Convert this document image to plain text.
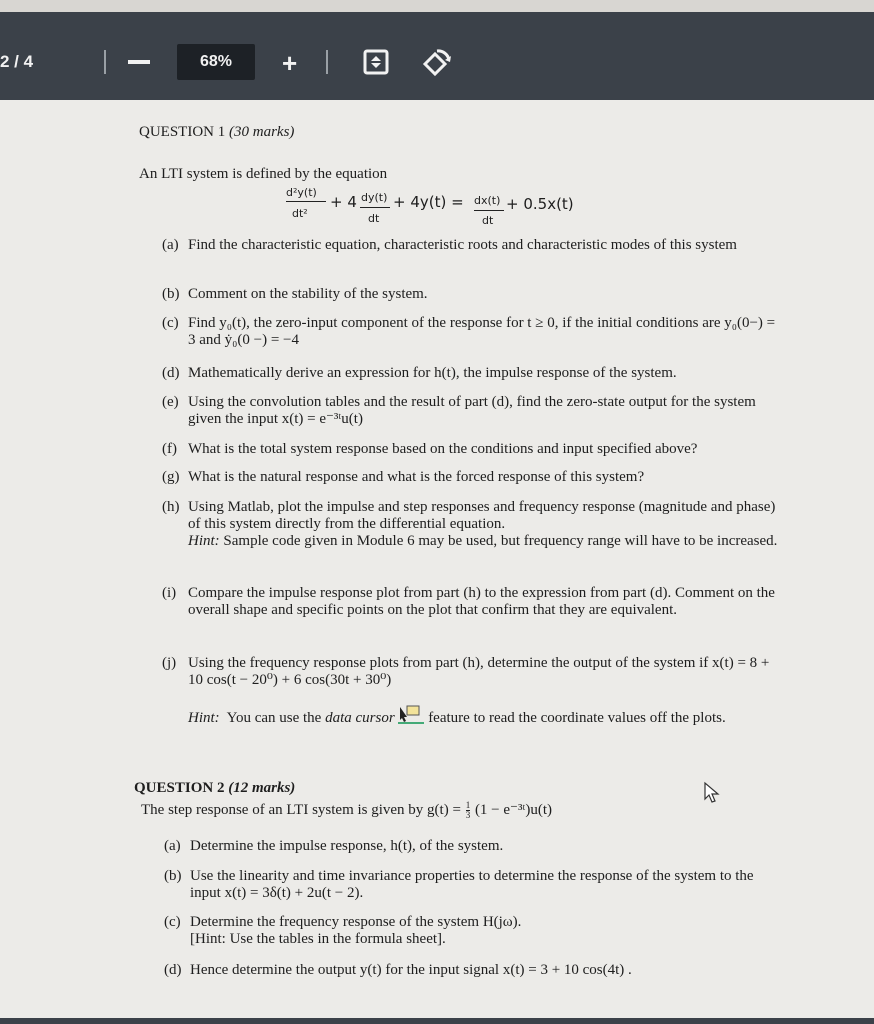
2 / 4	68%	+
QUESTION 1 (30 marks)
An LTI system is defined by the equation
d²y(t)
dt²
+ 4 dy(t)
dt
+ 4y(t) = dx(t)
dt
+ 0.5x(t)
(a) Find the characteristic equation, characteristic roots and characteristic modes of this system
(b) Comment on the stability of the system.
(c) Find y₀(t), the zero-input component of the response for t ≥ 0, if the initial conditions are y₀(0−) = 3 and ẏ₀(0 −) = −4
(d) Mathematically derive an expression for h(t), the impulse response of the system.
(e) Using the convolution tables and the result of part (d), find the zero-state output for the system given the input x(t) = e⁻³ᵗu(t)
(f) What is the total system response based on the conditions and input specified above?
(g) What is the natural response and what is the forced response of this system?
(h) Using Matlab, plot the impulse and step responses and frequency response (magnitude and phase) of this system directly from the differential equation.
Hint: Sample code given in Module 6 may be used, but frequency range will have to be increased.
(i) Compare the impulse response plot from part (h) to the expression from part (d). Comment on the overall shape and specific points on the plot that confirm that they are equivalent.
(j) Using the frequency response plots from part (h), determine the output of the system if x(t) = 8 + 10 cos(t − 20⁰) + 6 cos(30t + 30⁰)
Hint: You can use the data cursor feature to read the coordinate values off the plots.
QUESTION 2 (12 marks)
The step response of an LTI system is given by $g(t) = \frac{1}{3} (1$ − e⁻³ᵗ)u(t)
(a) Determine the impulse response, h(t), of the system.
(b) Use the linearity and time invariance properties to determine the response of the system to the input x(t) = 3δ(t) + 2u(t − 2).
(c) Determine the frequency response of the system H(jω).
[Hint: Use the tables in the formula sheet].
(d) Hence determine the output y(t) for the input signal x(t) = 3 + 10 cos(4t) .
